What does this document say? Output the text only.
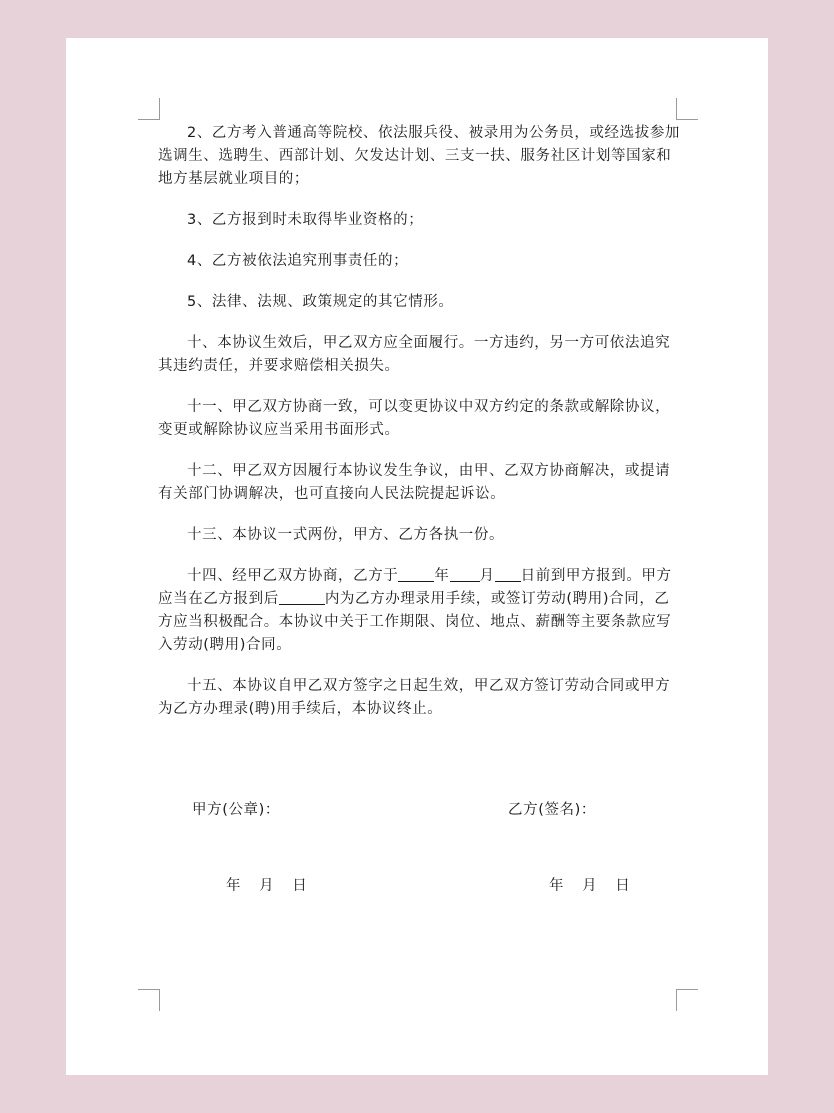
2、乙方考入普通高等院校、依法服兵役、被录用为公务员，或经选拔参加选调生、选聘生、西部计划、欠发达计划、三支一扶、服务社区计划等国家和地方基层就业项目的；

3、乙方报到时未取得毕业资格的；

4、乙方被依法追究刑事责任的；

5、法律、法规、政策规定的其它情形。

十、本协议生效后，甲乙双方应全面履行。一方违约，另一方可依法追究其违约责任，并要求赔偿相关损失。

十一、甲乙双方协商一致，可以变更协议中双方约定的条款或解除协议，变更或解除协议应当采用书面形式。

十二、甲乙双方因履行本协议发生争议，由甲、乙双方协商解决，或提请有关部门协调解决，也可直接向人民法院提起诉讼。

十三、本协议一式两份，甲方、乙方各执一份。

十四、经甲乙双方协商，乙方于 年 月 日前到甲方报到。甲方应当在乙方报到后	内为乙方办理录用手续，或签订劳动(聘用)合同，乙方应当积极配合。本协议中关于工作期限、岗位、地点、薪酬等主要条款应写入劳动(聘用)合同。

十五、本协议自甲乙双方签字之日起生效，甲乙双方签订劳动合同或甲方为乙方办理录(聘)用手续后，本协议终止。

甲方(公章)：	乙方(签名)：
年 月 日	年 月 日
